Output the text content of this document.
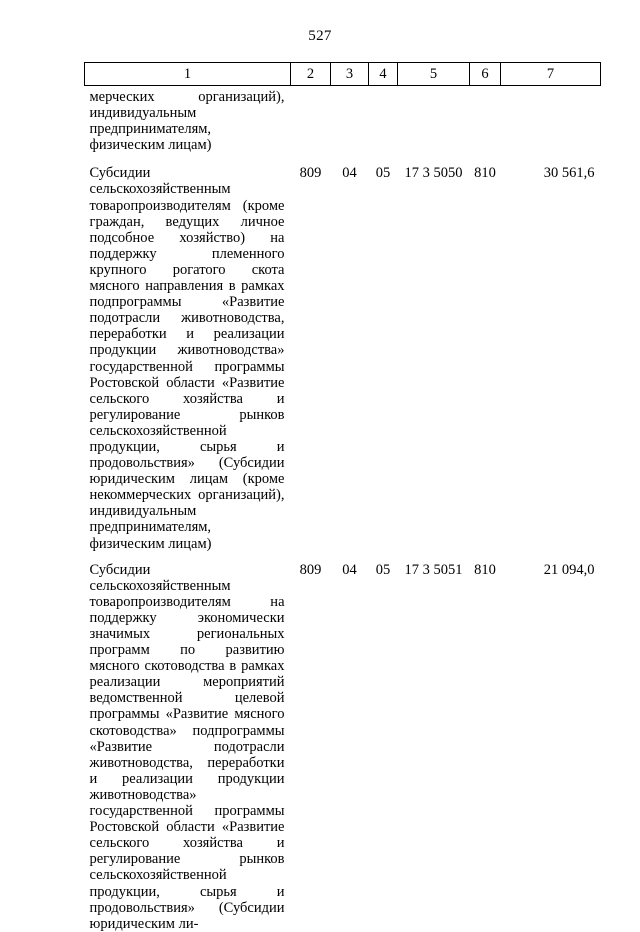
527
1	2	3	4	5	6	7
мерческих организаций), индивидуальным предпринимателям, физическим лицам)						
Субсидии сельскохозяйственным товаропроизводителям (кроме граждан, ведущих личное подсобное хозяйство) на поддержку племенного крупного рогатого скота мясного направления в рамках подпрограммы «Развитие подотрасли животноводства, переработки и реализации продукции животноводства» государственной программы Ростовской области «Развитие сельского хозяйства и регулирование рынков сельскохозяйственной продукции, сырья и продовольствия» (Субсидии юридическим лицам (кроме некоммерческих организаций), индивидуальным предпринимателям, физическим лицам)	809	04	05	17 3 5050	810	30 561,6
Субсидии сельскохозяйственным товаропроизводителям на поддержку экономически значимых региональных программ по развитию мясного скотоводства в рамках реализации мероприятий ведомственной целевой программы «Развитие мясного скотоводства» подпрограммы «Развитие подотрасли животноводства, переработки и реализации продукции животноводства» государственной программы Ростовской области «Развитие сельского хозяйства и регулирование рынков сельскохозяйственной продукции, сырья и продовольствия» (Субсидии юридическим ли-	809	04	05	17 3 5051	810	21 094,0
